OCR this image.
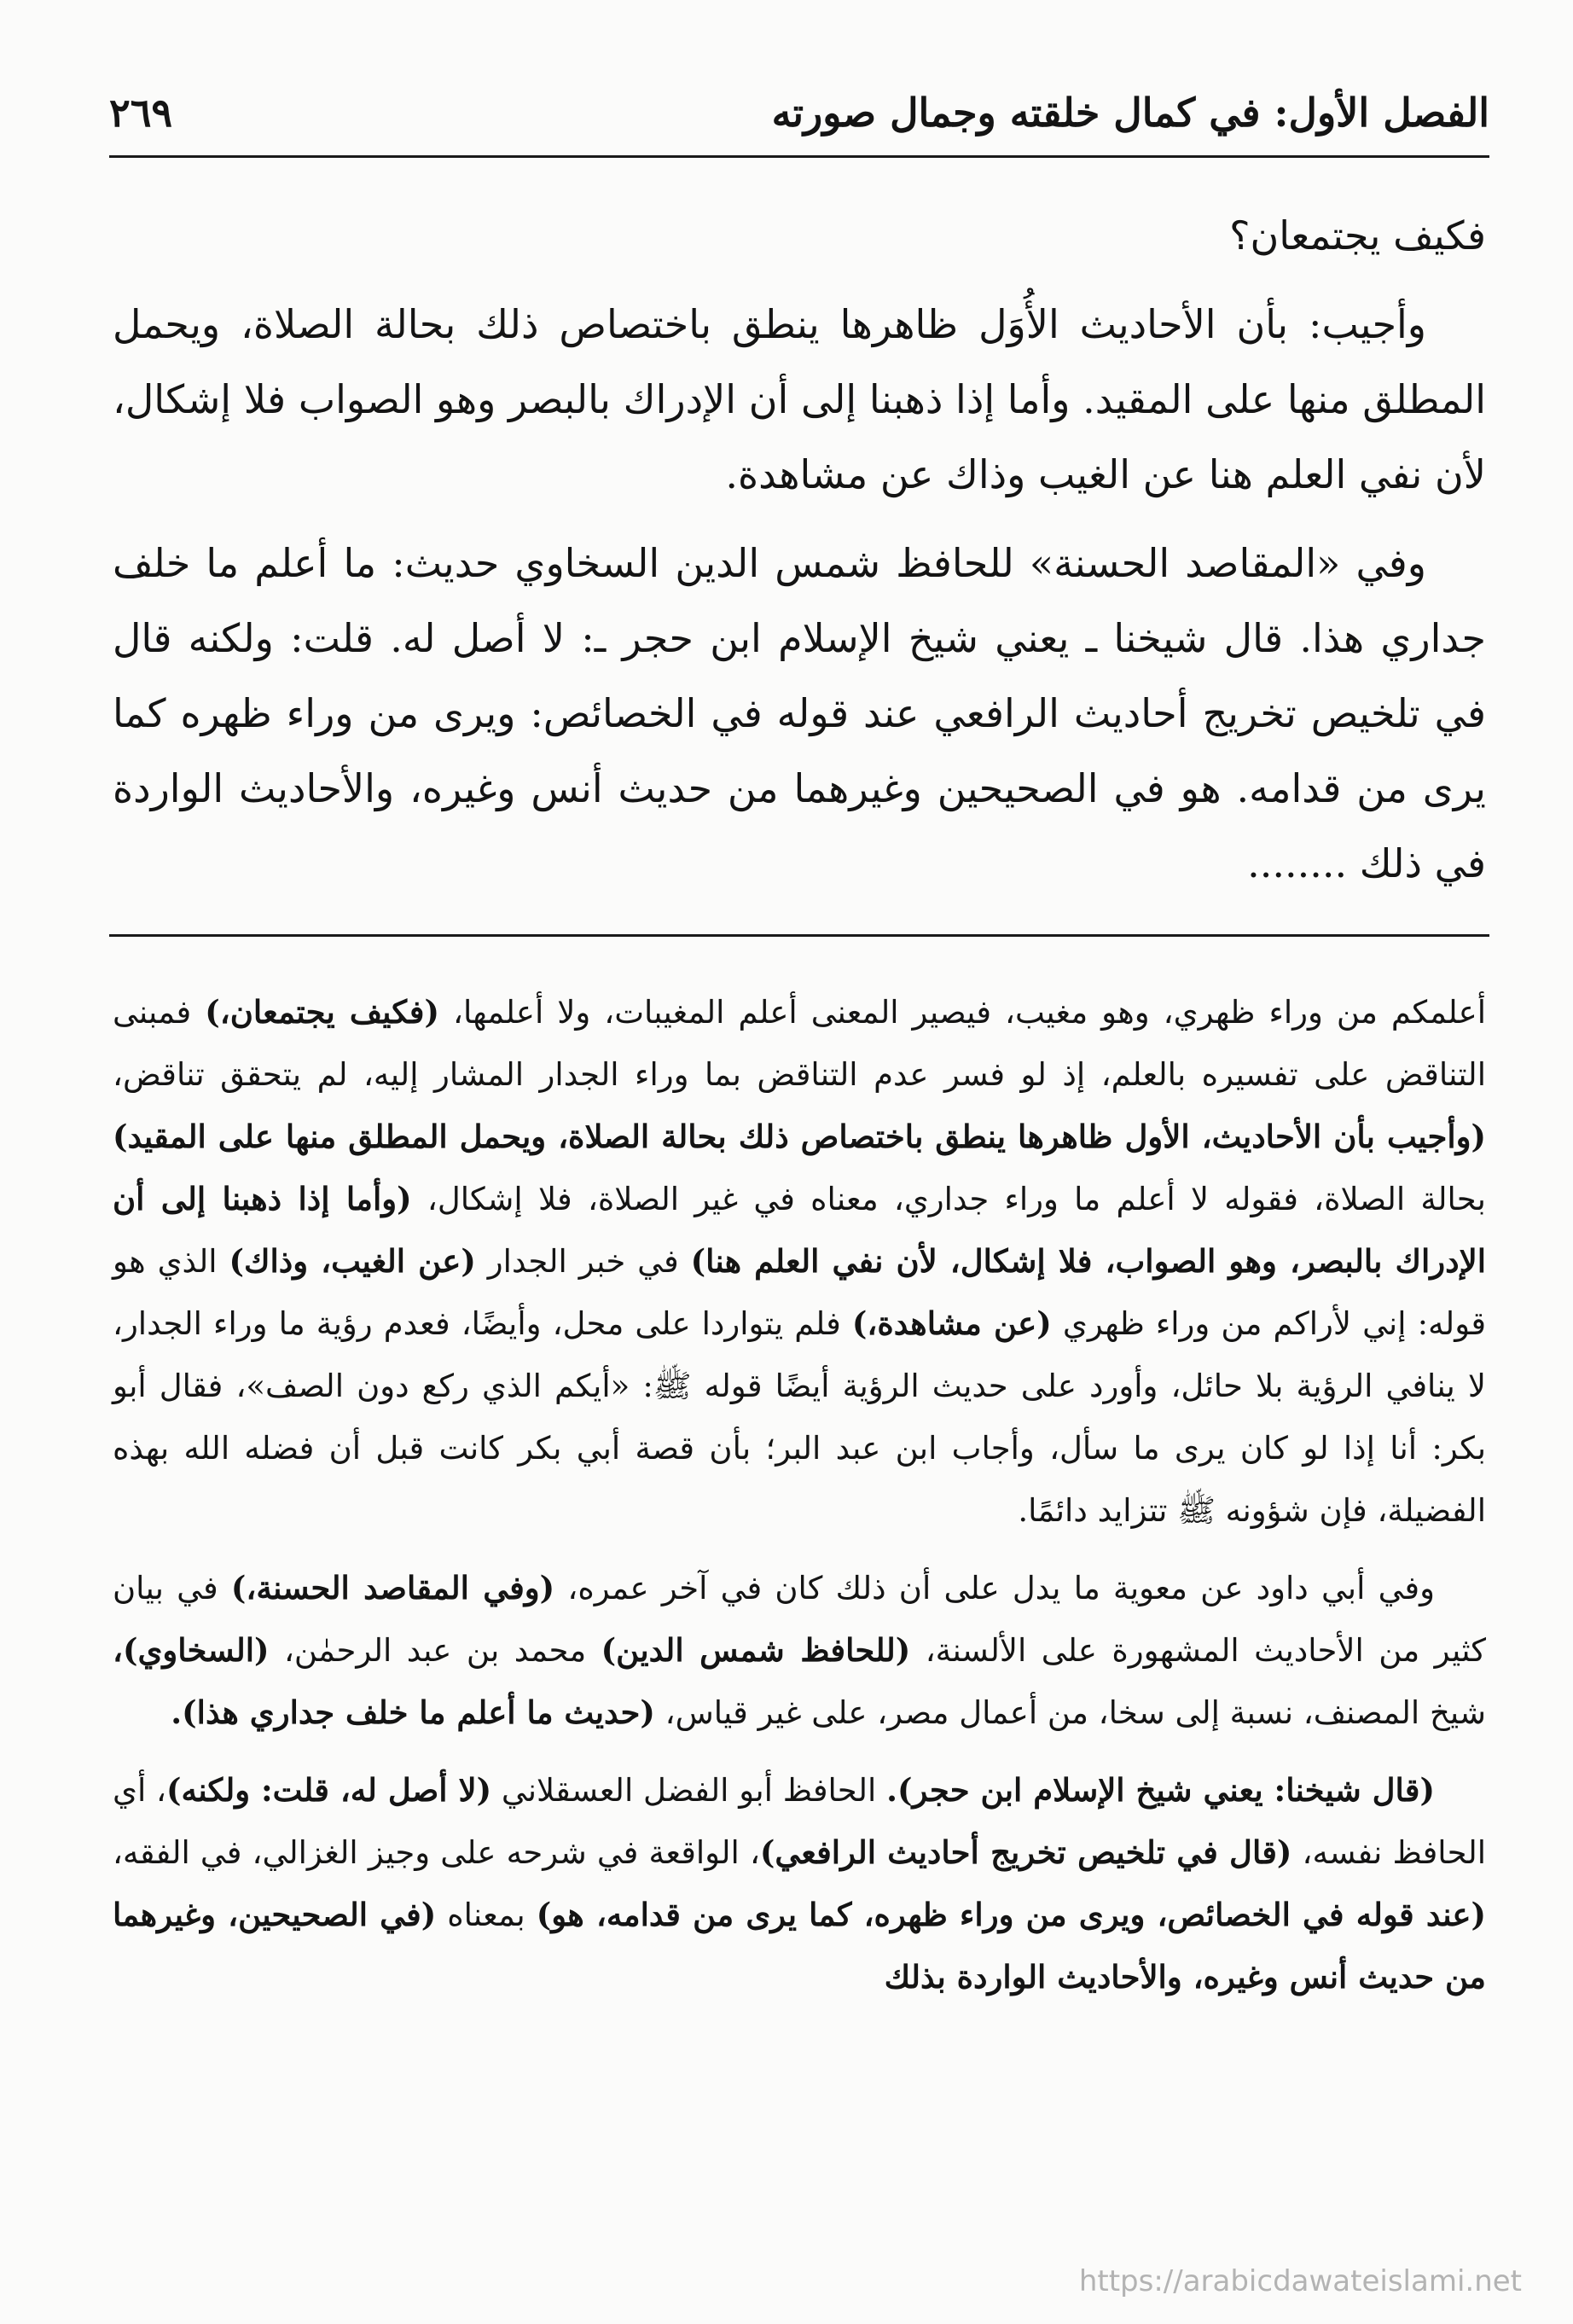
الفصل الأول: في كمال خلقته وجمال صورته
٢٦٩

فكيف يجتمعان؟

وأجيب: بأن الأحاديث الأُوَل ظاهرها ينطق باختصاص ذلك بحالة الصلاة، ويحمل المطلق منها على المقيد. وأما إذا ذهبنا إلى أن الإدراك بالبصر وهو الصواب فلا إشكال، لأن نفي العلم هنا عن الغيب وذاك عن مشاهدة.

وفي «المقاصد الحسنة» للحافظ شمس الدين السخاوي حديث: ما أعلم ما خلف جداري هذا. قال شيخنا ـ يعني شيخ الإسلام ابن حجر ـ: لا أصل له. قلت: ولكنه قال في تلخيص تخريج أحاديث الرافعي عند قوله في الخصائص: ويرى من وراء ظهره كما يرى من قدامه. هو في الصحيحين وغيرهما من حديث أنس وغيره، والأحاديث الواردة في ذلك ........

أعلمكم من وراء ظهري، وهو مغيب، فيصير المعنى أعلم المغيبات، ولا أعلمها، (فكيف يجتمعان،) فمبنى التناقض على تفسيره بالعلم، إذ لو فسر عدم التناقض بما وراء الجدار المشار إليه، لم يتحقق تناقض، (وأجيب بأن الأحاديث، الأول ظاهرها ينطق باختصاص ذلك بحالة الصلاة، ويحمل المطلق منها على المقيد) بحالة الصلاة، فقوله لا أعلم ما وراء جداري، معناه في غير الصلاة، فلا إشكال، (وأما إذا ذهبنا إلى أن الإدراك بالبصر، وهو الصواب، فلا إشكال، لأن نفي العلم هنا) في خبر الجدار (عن الغيب، وذاك) الذي هو قوله: إني لأراكم من وراء ظهري (عن مشاهدة،) فلم يتواردا على محل، وأيضًا، فعدم رؤية ما وراء الجدار، لا ينافي الرؤية بلا حائل، وأورد على حديث الرؤية أيضًا قوله ﷺ: «أيكم الذي ركع دون الصف»، فقال أبو بكر: أنا إذا لو كان يرى ما سأل، وأجاب ابن عبد البر؛ بأن قصة أبي بكر كانت قبل أن فضله الله بهذه الفضيلة، فإن شؤونه ﷺ تتزايد دائمًا.

وفي أبي داود عن معوية ما يدل على أن ذلك كان في آخر عمره، (وفي المقاصد الحسنة،) في بيان كثير من الأحاديث المشهورة على الألسنة، (للحافظ شمس الدين) محمد بن عبد الرحمٰن، (السخاوي)، شيخ المصنف، نسبة إلى سخا، من أعمال مصر، على غير قياس، (حديث ما أعلم ما خلف جداري هذا).

(قال شيخنا: يعني شيخ الإسلام ابن حجر). الحافظ أبو الفضل العسقلاني (لا أصل له، قلت: ولكنه)، أي الحافظ نفسه، (قال في تلخيص تخريج أحاديث الرافعي)، الواقعة في شرحه على وجيز الغزالي، في الفقه، (عند قوله في الخصائص، ويرى من وراء ظهره، كما يرى من قدامه، هو) بمعناه (في الصحيحين، وغيرهما من حديث أنس وغيره، والأحاديث الواردة بذلك

https://arabicdawateislami.net
